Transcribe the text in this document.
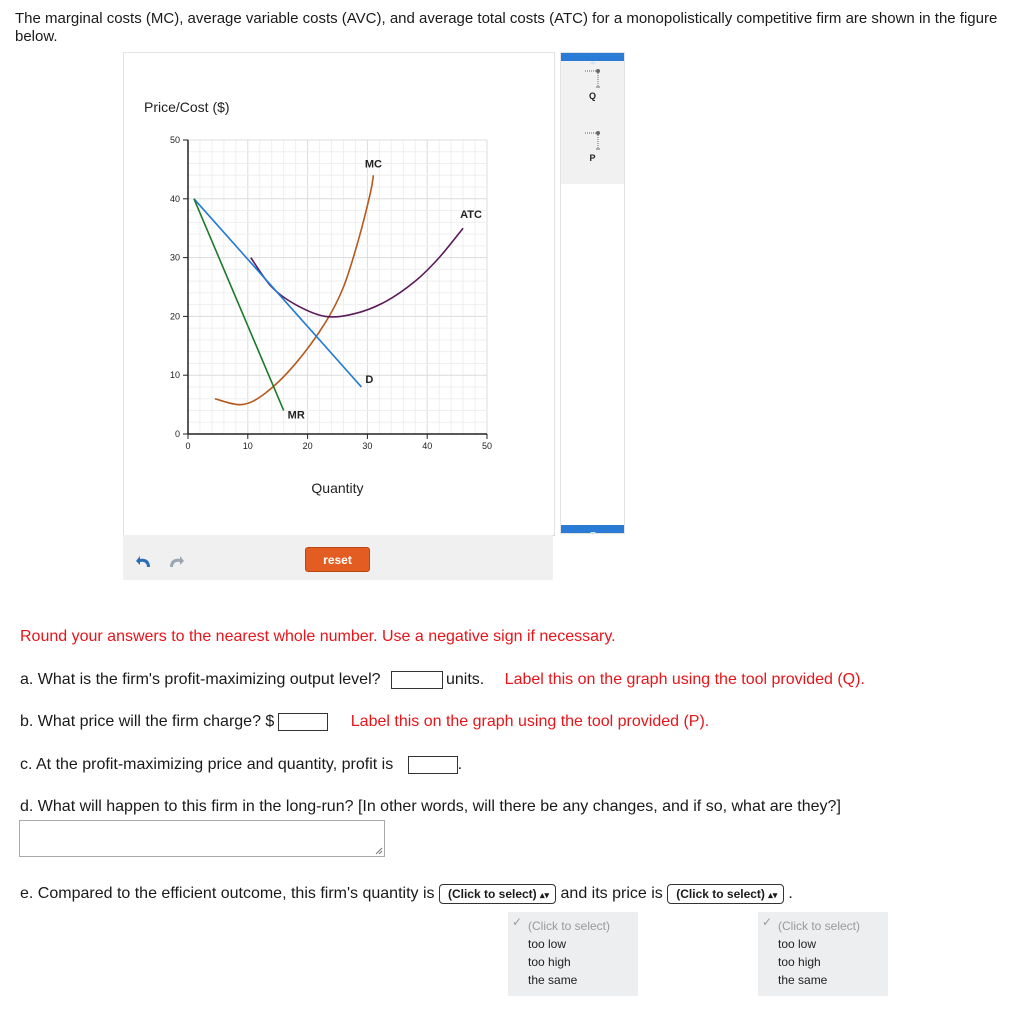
The marginal costs (MC), average variable costs (AVC), and average total costs (ATC) for a monopolistically competitive firm are shown in the figure below.

0
10
20
30
40
50
0	10	20	30	40	50
Price/Cost ($)
Quantity
MC
ATC
D
MR
reset
Q
P
Round your answers to the nearest whole number. Use a negative sign if necessary.
a. What is the firm's profit-maximizing output level?	units. Label this on the graph using the tool provided (Q).
b. What price will the firm charge? $	Label this on the graph using the tool provided (P).
c. At the profit-maximizing price and quantity, profit is	.
d. What will happen to this firm in the long-run? [In other words, will there be any changes, and if so, what are they?]
e. Compared to the efficient outcome, this firm's quantity is (Click to select) ▴▾ and its price is (Click to select) ▴▾ .
✓ (Click to select)
too low
too high
the same
✓ (Click to select)
too low
too high
the same
